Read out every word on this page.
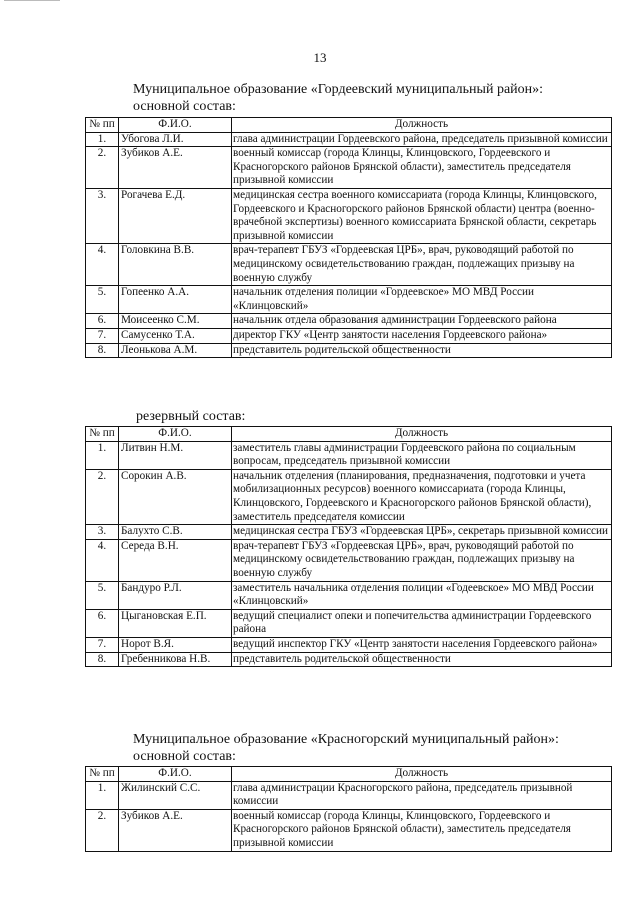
13
Муниципальное образование «Гордеевский муниципальный район»:
основной состав:
№ пп	Ф.И.О.	Должность
1.	Убогова Л.И.	глава администрации Гордеевского района, председатель призывной комиссии
2.	Зубиков А.Е.	военный комиссар (города Клинцы, Клинцовского, Гордеевского и Красногорского районов Брянской области), заместитель председателя призывной комиссии
3.	Рогачева Е.Д.	медицинская сестра военного комиссариата (города Клинцы, Клинцовского, Гордеевского и Красногорского районов Брянской области) центра (военно-врачебной экспертизы) военного комиссариата Брянской области, секретарь призывной комиссии
4.	Головкина В.В.	врач-терапевт ГБУЗ «Гордеевская ЦРБ», врач, руководящий работой по медицинскому освидетельствованию граждан, подлежащих призыву на военную службу
5.	Гопеенко А.А.	начальник отделения полиции «Гордеевское» МО МВД России «Клинцовский»
6.	Моисеенко С.М.	начальник отдела образования администрации Гордеевского района
7.	Самусенко Т.А.	директор ГКУ «Центр занятости населения Гордеевского района»
8.	Леонькова А.М.	представитель родительской общественности
резервный состав:
№ пп	Ф.И.О.	Должность
1.	Литвин Н.М.	заместитель главы администрации Гордеевского района по социальным вопросам, председатель призывной комиссии
2.	Сорокин А.В.	начальник отделения (планирования, предназначения, подготовки и учета мобилизационных ресурсов) военного комиссариата (города Клинцы, Клинцовского, Гордеевского и Красногорского районов Брянской области), заместитель председателя комиссии
3.	Балухто С.В.	медицинская сестра ГБУЗ «Гордеевская ЦРБ», секретарь призывной комиссии
4.	Середа В.Н.	врач-терапевт ГБУЗ «Гордеевская ЦРБ», врач, руководящий работой по медицинскому освидетельствованию граждан, подлежащих призыву на военную службу
5.	Бандуро Р.Л.	заместитель начальника отделения полиции «Годеевское» МО МВД России «Клинцовский»
6.	Цыгановская Е.П.	ведущий специалист опеки и попечительства администрации Гордеевского района
7.	Норот В.Я.	ведущий инспектор ГКУ «Центр занятости населения Гордеевского района»
8.	Гребенникова Н.В.	представитель родительской общественности
Муниципальное образование «Красногорский муниципальный район»:
основной состав:
№ пп	Ф.И.О.	Должность
1.	Жилинский С.С.	глава администрации Красногорского района, председатель призывной комиссии
2.	Зубиков А.Е.	военный комиссар (города Клинцы, Клинцовского, Гордеевского и Красногорского районов Брянской области), заместитель председателя призывной комиссии
